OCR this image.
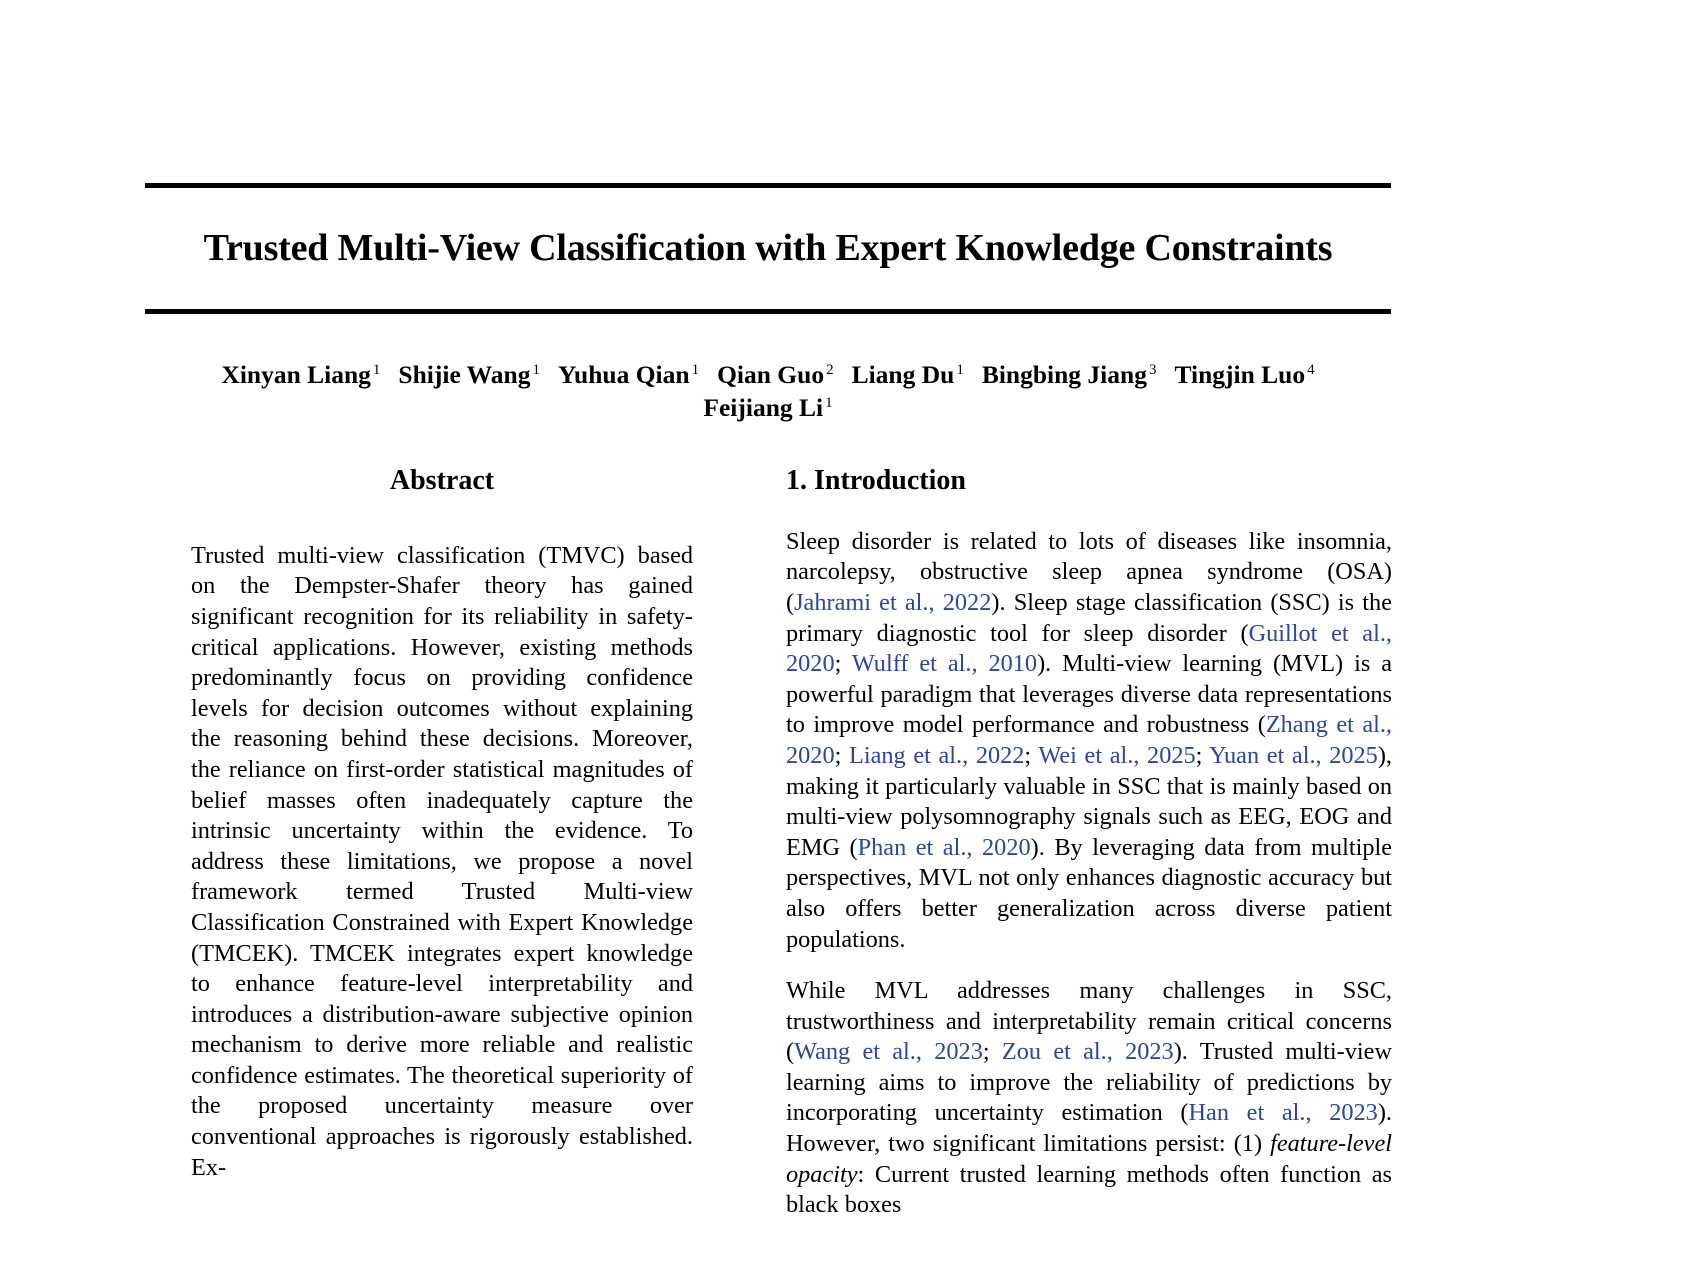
Trusted Multi-View Classification with Expert Knowledge Constraints
Xinyan Liang $^1$ Shijie Wang $^1$ Yuhua Qian $^1$ Qian Guo $^2$ Liang Du $^1$ Bingbing Jiang $^3$ Tingjin Luo $^4$
Feijiang Li $^1$
Abstract

Trusted multi-view classification (TMVC) based on the Dempster-Shafer theory has gained significant recognition for its reliability in safety-critical applications. However, existing methods predominantly focus on providing confidence levels for decision outcomes without explaining the reasoning behind these decisions. Moreover, the reliance on first-order statistical magnitudes of belief masses often inadequately capture the intrinsic uncertainty within the evidence. To address these limitations, we propose a novel framework termed Trusted Multi-view Classification Constrained with Expert Knowledge (TMCEK). TMCEK integrates expert knowledge to enhance feature-level interpretability and introduces a distribution-aware subjective opinion mechanism to derive more reliable and realistic confidence estimates. The theoretical superiority of the proposed uncertainty measure over conventional approaches is rigorously established. Ex-

1. Introduction

Sleep disorder is related to lots of diseases like insomnia, narcolepsy, obstructive sleep apnea syndrome (OSA) (Jahrami et al., 2022). Sleep stage classification (SSC) is the primary diagnostic tool for sleep disorder (Guillot et al., 2020; Wulff et al., 2010). Multi-view learning (MVL) is a powerful paradigm that leverages diverse data representations to improve model performance and robustness (Zhang et al., 2020; Liang et al., 2022; Wei et al., 2025; Yuan et al., 2025), making it particularly valuable in SSC that is mainly based on multi-view polysomnography signals such as EEG, EOG and EMG (Phan et al., 2020). By leveraging data from multiple perspectives, MVL not only enhances diagnostic accuracy but also offers better generalization across diverse patient populations.

While MVL addresses many challenges in SSC, trustworthiness and interpretability remain critical concerns (Wang et al., 2023; Zou et al., 2023). Trusted multi-view learning aims to improve the reliability of predictions by incorporating uncertainty estimation (Han et al., 2023). However, two significant limitations persist: (1) feature-level opacity: Current trusted learning methods often function as black boxes
